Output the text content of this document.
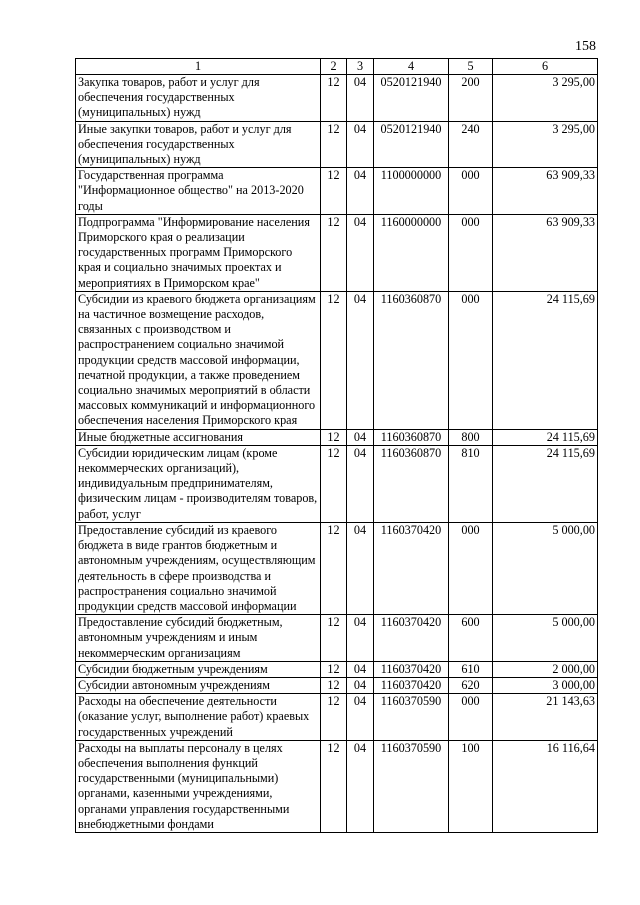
158
1	2	3	4	5	6
Закупка товаров, работ и услуг для обеспечения государственных (муниципальных) нужд	12	04	0520121940	200	3 295,00
Иные закупки товаров, работ и услуг для обеспечения государственных (муниципальных) нужд	12	04	0520121940	240	3 295,00
Государственная программа "Информационное общество" на 2013-2020 годы	12	04	1100000000	000	63 909,33
Подпрограмма "Информирование населения Приморского края о реализации государственных программ Приморского края и социально значимых проектах и мероприятиях в Приморском крае"	12	04	1160000000	000	63 909,33
Субсидии из краевого бюджета организациям на частичное возмещение расходов, связанных с производством и распространением социально значимой продукции средств массовой информации, печатной продукции, а также проведением социально значимых мероприятий в области массовых коммуникаций и информационного обеспечения населения Приморского края	12	04	1160360870	000	24 115,69
Иные бюджетные ассигнования	12	04	1160360870	800	24 115,69
Субсидии юридическим лицам (кроме некоммерческих организаций), индивидуальным предпринимателям, физическим лицам - производителям товаров, работ, услуг	12	04	1160360870	810	24 115,69
Предоставление субсидий из краевого бюджета в виде грантов бюджетным и автономным учреждениям, осуществляющим деятельность в сфере производства и распространения социально значимой продукции средств массовой информации	12	04	1160370420	000	5 000,00
Предоставление субсидий бюджетным, автономным учреждениям и иным некоммерческим организациям	12	04	1160370420	600	5 000,00
Субсидии бюджетным учреждениям	12	04	1160370420	610	2 000,00
Субсидии автономным учреждениям	12	04	1160370420	620	3 000,00
Расходы на обеспечение деятельности (оказание услуг, выполнение работ) краевых государственных учреждений	12	04	1160370590	000	21 143,63
Расходы на выплаты персоналу в целях обеспечения выполнения функций государственными (муниципальными) органами, казенными учреждениями, органами управления государственными внебюджетными фондами	12	04	1160370590	100	16 116,64
